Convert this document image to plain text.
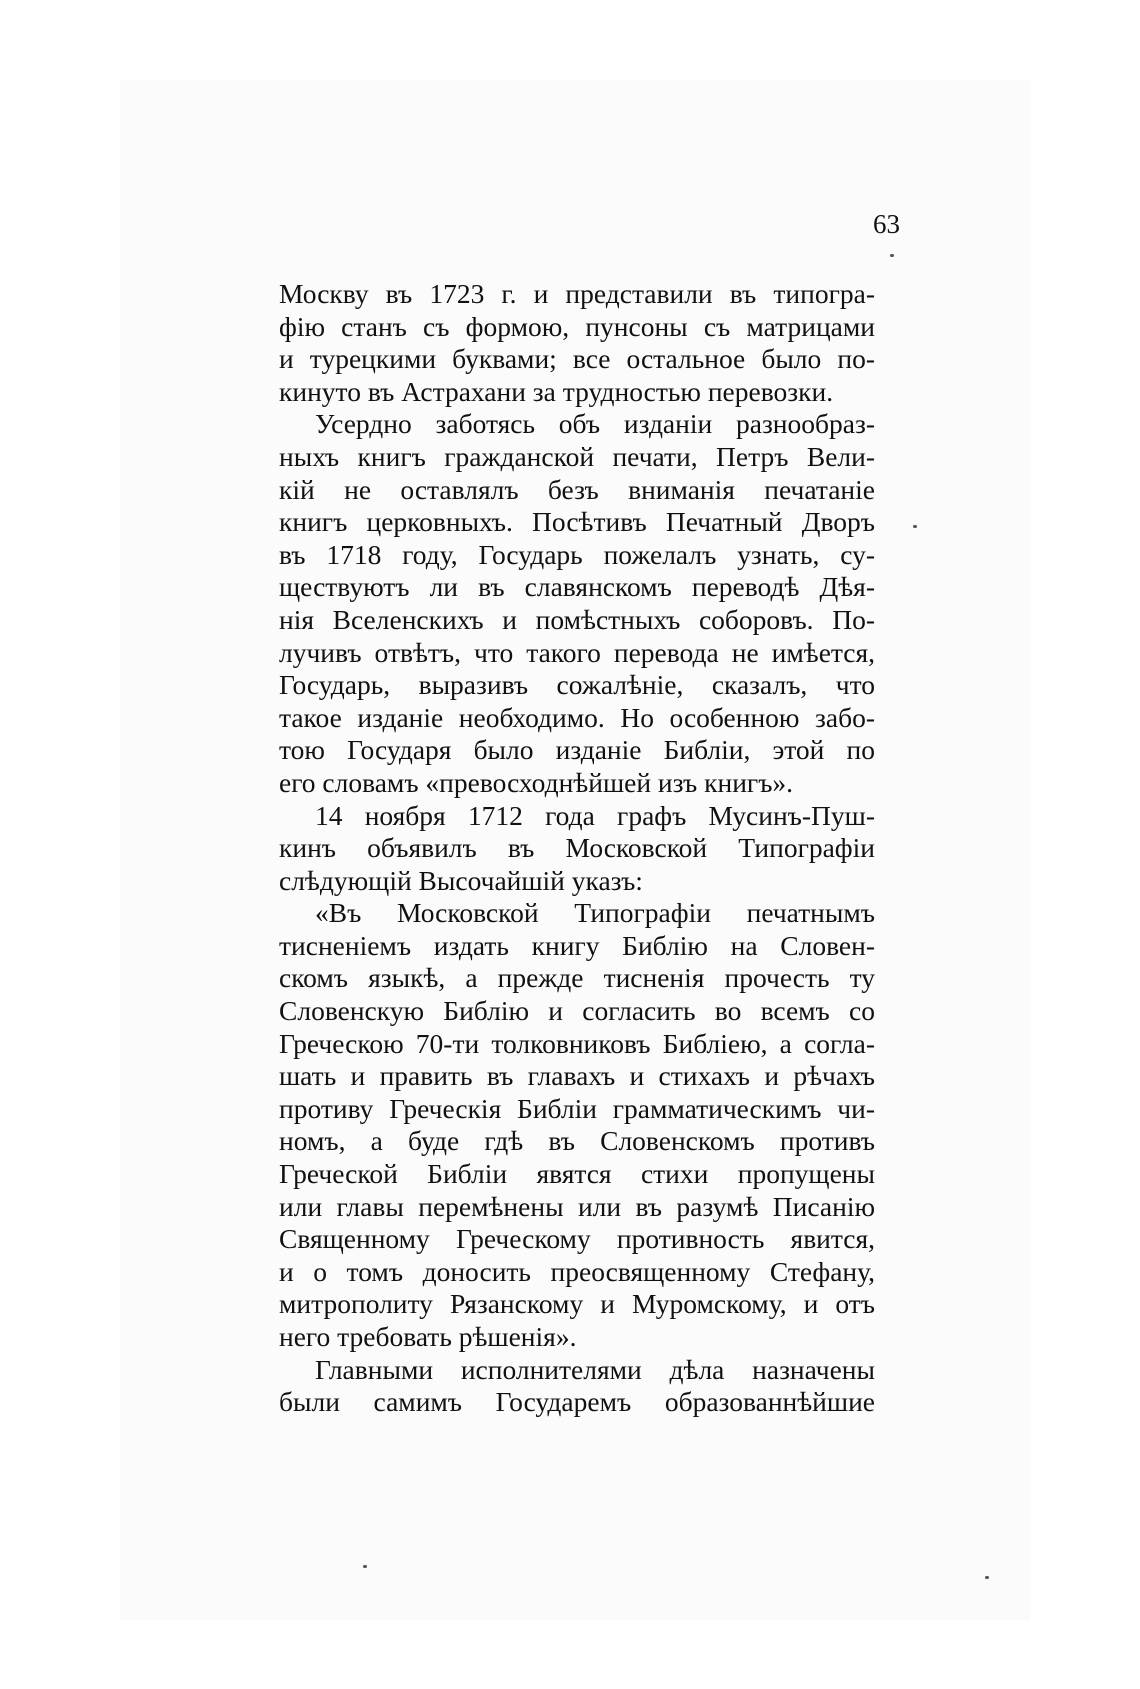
63
Москву въ 1723 г. и представили въ типогра-
фію станъ съ формою, пунсоны съ матрицами
и турецкими буквами; все остальное было по-
кинуто въ Астрахани за трудностью перевозки.
Усердно заботясь объ изданіи разнообраз-
ныхъ книгъ гражданской печати, Петръ Вели-
кій не оставлялъ безъ вниманія печатаніе
книгъ церковныхъ. Посѣтивъ Печатный Дворъ
въ 1718 году, Государь пожелалъ узнать, су-
ществуютъ ли въ славянскомъ переводѣ Дѣя-
нія Вселенскихъ и помѣстныхъ соборовъ. По-
лучивъ отвѣтъ, что такого перевода не имѣется,
Государь, выразивъ сожалѣніе, сказалъ, что
такое изданіе необходимо. Но особенною забо-
тою Государя было изданіе Библіи, этой по
его словамъ «превосходнѣйшей изъ книгъ».
14 ноября 1712 года графъ Мусинъ-Пуш-
кинъ объявилъ въ Московской Типографіи
слѣдующій Высочайшій указъ:
«Въ Московской Типографіи печатнымъ
тисненіемъ издать книгу Библію на Словен-
скомъ языкѣ, а прежде тисненія прочесть ту
Словенскую Библію и согласить во всемъ со
Греческою 70-ти толковниковъ Библіею, а согла-
шать и править въ главахъ и стихахъ и рѣчахъ
противу Греческія Библіи грамматическимъ чи-
номъ, а буде гдѣ въ Словенскомъ противъ
Греческой Библіи явятся стихи пропущены
или главы перемѣнены или въ разумѣ Писанію
Священному Греческому противность явится,
и о томъ доносить преосвященному Стефану,
митрополиту Рязанскому и Муромскому, и отъ
него требовать рѣшенія».
Главными исполнителями дѣла назначены
были самимъ Государемъ образованнѣйшие
